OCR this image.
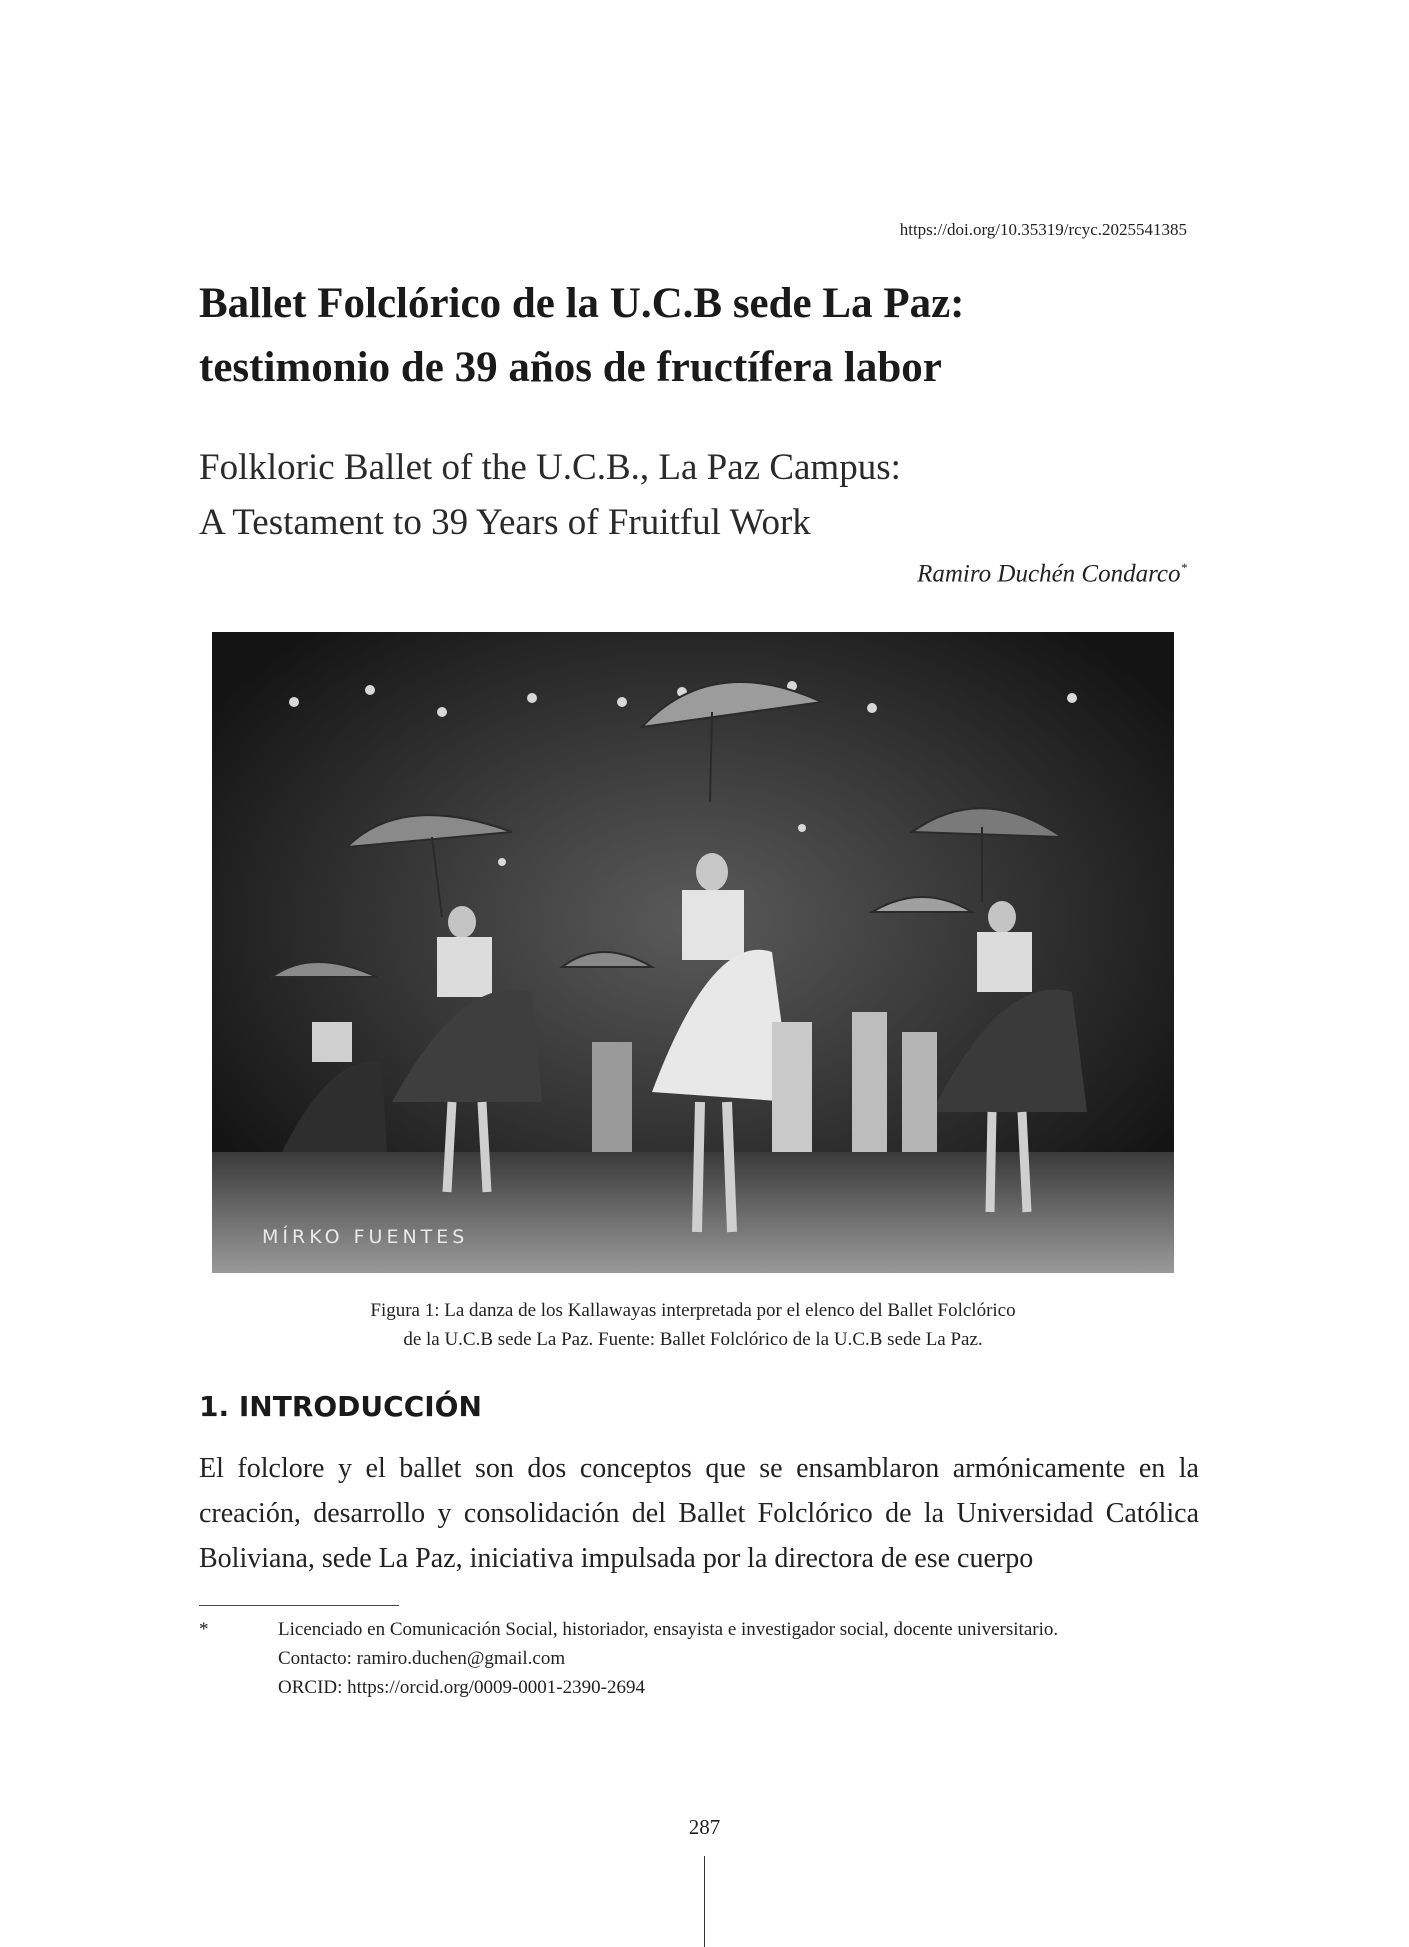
https://doi.org/10.35319/rcyc.2025541385
Ballet Folclórico de la U.C.B sede La Paz:
testimonio de 39 años de fructífera labor
Folkloric Ballet of the U.C.B., La Paz Campus:
A Testament to 39 Years of Fruitful Work
Ramiro Duchén Condarco*
MÍRKO FUENTES
Figura 1: La danza de los Kallawayas interpretada por el elenco del Ballet Folclórico
de la U.C.B sede La Paz. Fuente: Ballet Folclórico de la U.C.B sede La Paz.
1. INTRODUCCIÓN

El folclore y el ballet son dos conceptos que se ensamblaron armónicamente en la creación, desarrollo y consolidación del Ballet Folclórico de la Universidad Católica Boliviana, sede La Paz, iniciativa impulsada por la directora de ese cuerpo

*	Licenciado en Comunicación Social, historiador, ensayista e investigador social, docente universitario.
Contacto: ramiro.duchen@gmail.com
ORCID: https://orcid.org/0009-0001-2390-2694
287
